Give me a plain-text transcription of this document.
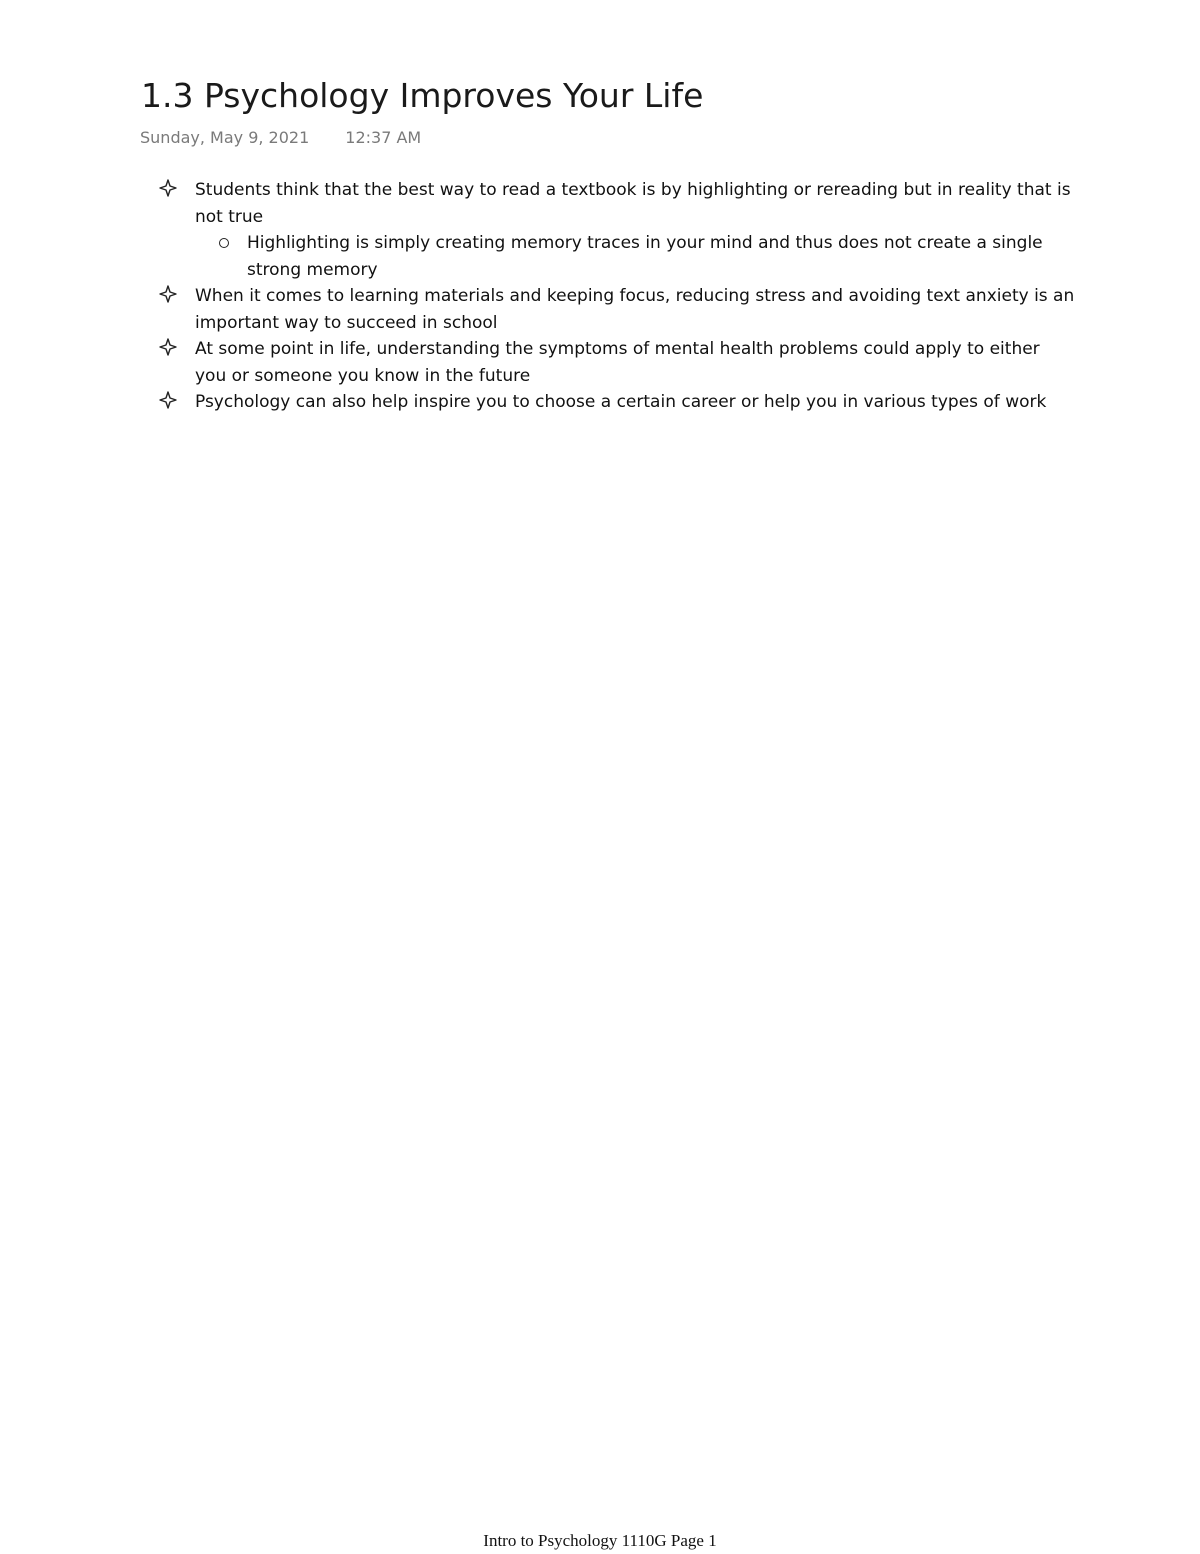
1.3 Psychology Improves Your Life
Sunday, May 9, 2021 12:37 AM
Students think that the best way to read a textbook is by highlighting or rereading but in reality that is not true
Highlighting is simply creating memory traces in your mind and thus does not create a single strong memory
When it comes to learning materials and keeping focus, reducing stress and avoiding text anxiety is an important way to succeed in school
At some point in life, understanding the symptoms of mental health problems could apply to either you or someone you know in the future
Psychology can also help inspire you to choose a certain career or help you in various types of work
Intro to Psychology 1110G Page 1
